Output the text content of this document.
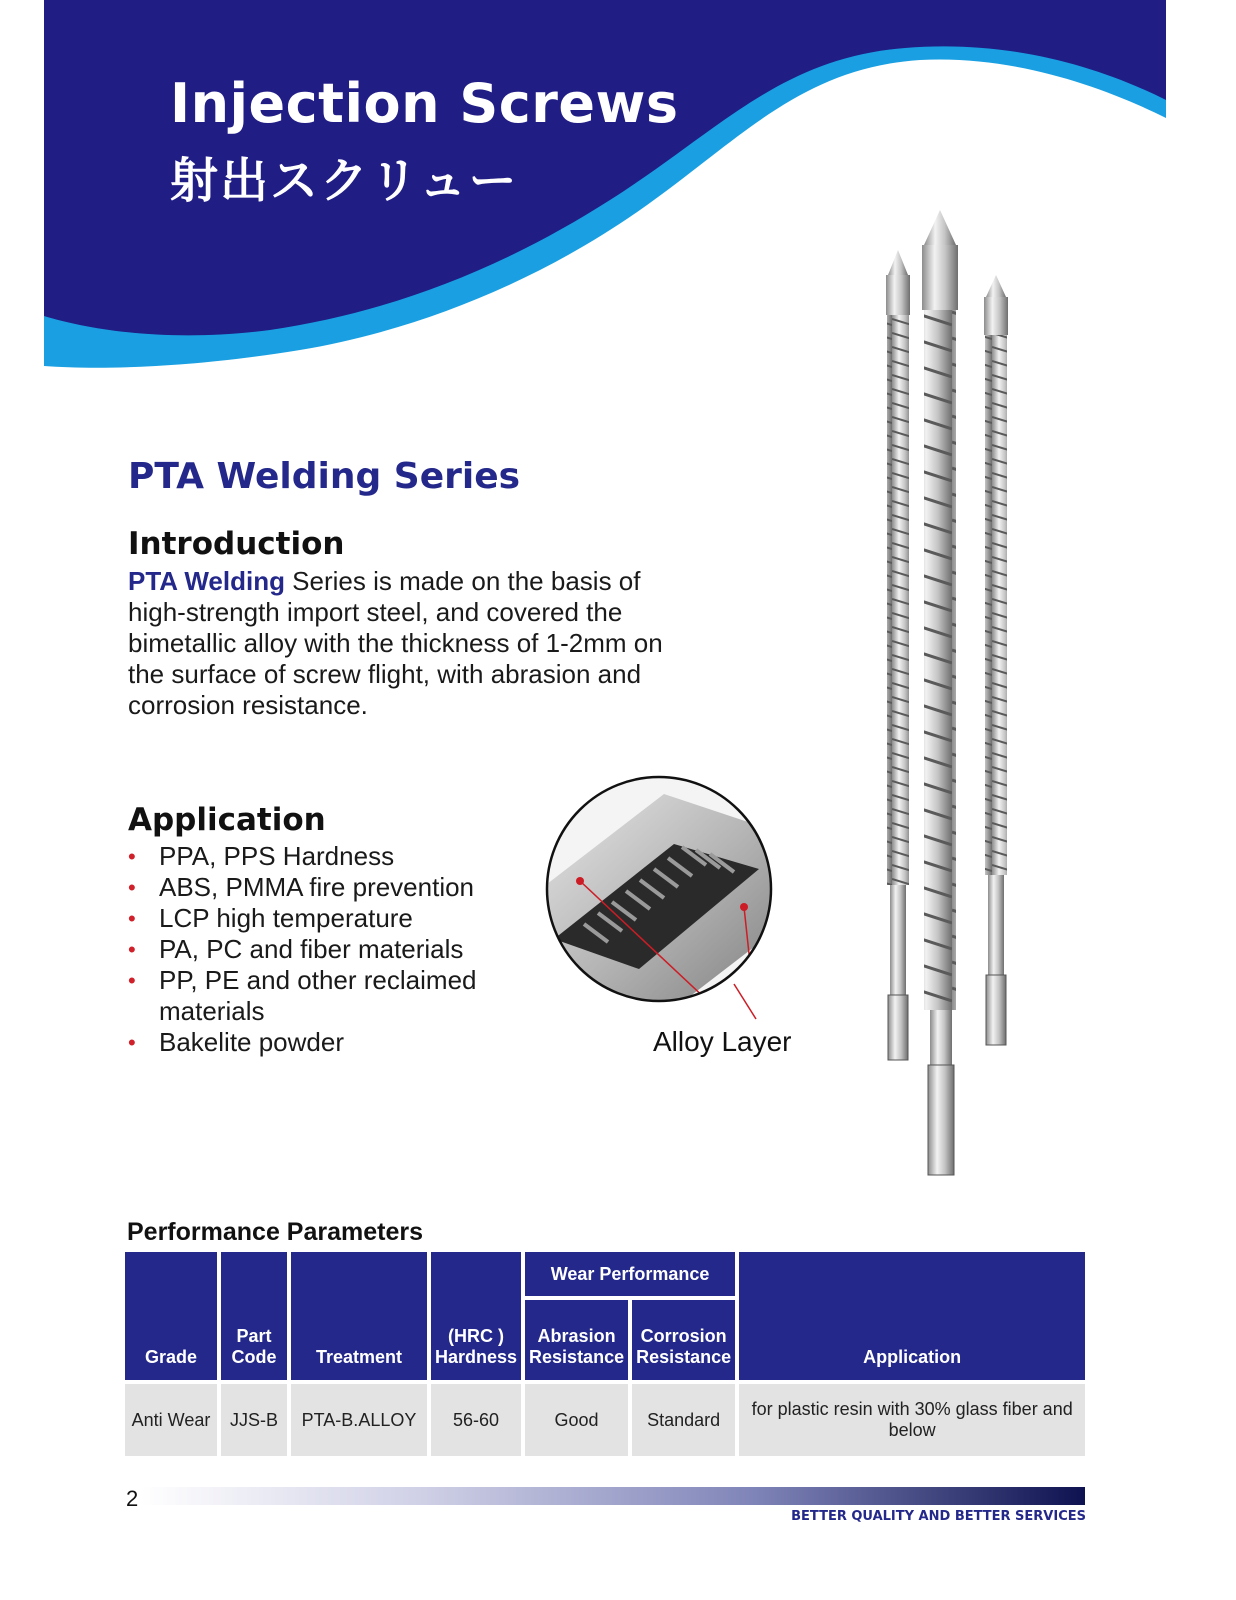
Injection Screws
射出スクリュー
PTA Welding Series
Introduction

PTA Welding Series is made on the basis of high-strength import steel, and covered the bimetallic alloy with the thickness of 1-2mm on the surface of screw flight, with abrasion and corrosion resistance.

Application
• PPA, PPS Hardness
• ABS, PMMA fire prevention
• LCP high temperature
• PA, PC and fiber materials
• PP, PE and other reclaimed materials
• Bakelite powder	Alloy Layer

Performance Parameters
Grade	Part Code	Treatment	(HRC ) Hardness	Wear Performance		Application
				Abrasion Resistance	Corrosion Resistance	
Anti Wear	JJS-B	PTA-B.ALLOY	56-60	Good	Standard	for plastic resin with 30% glass fiber and below

2

BETTER QUALITY AND BETTER SERVICES
